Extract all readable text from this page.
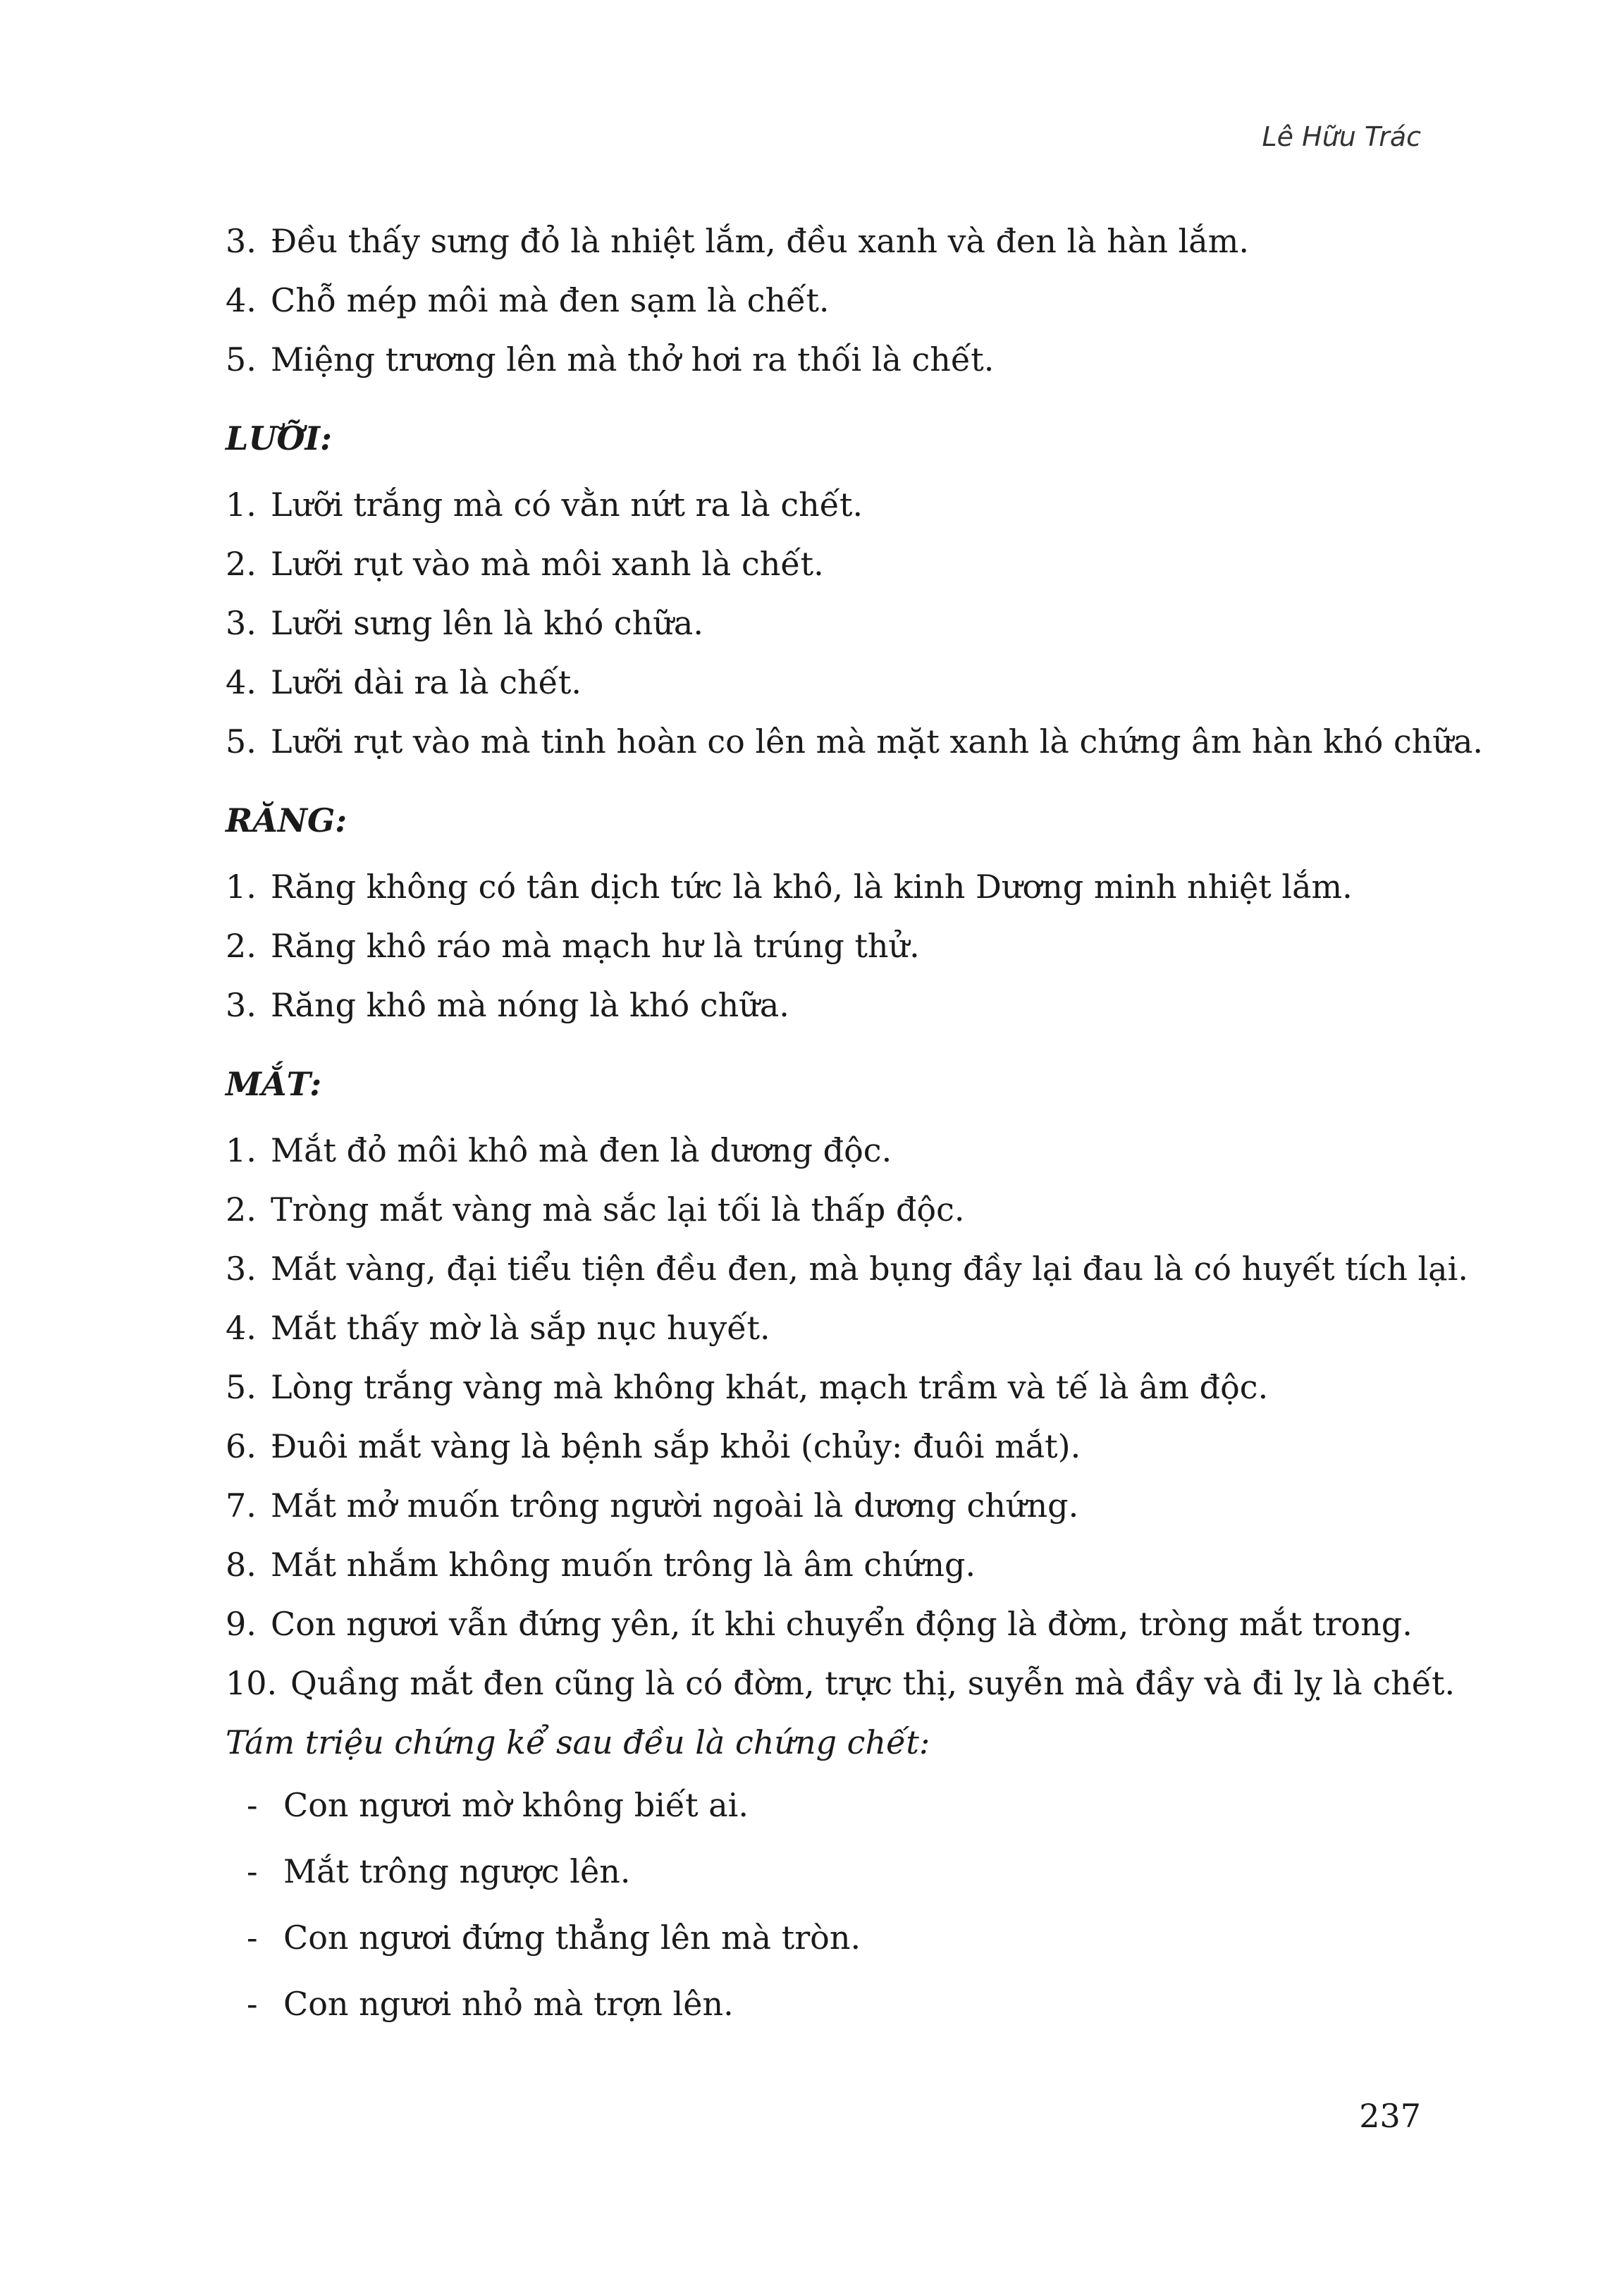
Lê Hữu Trác
3. Đều thấy sưng đỏ là nhiệt lắm, đều xanh và đen là hàn lắm.
4. Chỗ mép môi mà đen sạm là chết.
5. Miệng trương lên mà thở hơi ra thối là chết.
LƯỠI:
1. Lưỡi trắng mà có vằn nứt ra là chết.
2. Lưỡi rụt vào mà môi xanh là chết.
3. Lưỡi sưng lên là khó chữa.
4. Lưỡi dài ra là chết.
5. Lưỡi rụt vào mà tinh hoàn co lên mà mặt xanh là chứng âm hàn khó chữa.
RĂNG:
1. Răng không có tân dịch tức là khô, là kinh Dương minh nhiệt lắm.
2. Răng khô ráo mà mạch hư là trúng thử.
3. Răng khô mà nóng là khó chữa.
MẮT:
1. Mắt đỏ môi khô mà đen là dương độc.
2. Tròng mắt vàng mà sắc lại tối là thấp độc.
3. Mắt vàng, đại tiểu tiện đều đen, mà bụng đầy lại đau là có huyết tích lại.
4. Mắt thấy mờ là sắp nục huyết.
5. Lòng trắng vàng mà không khát, mạch trầm và tế là âm độc.
6. Đuôi mắt vàng là bệnh sắp khỏi (chủy: đuôi mắt).
7. Mắt mở muốn trông người ngoài là dương chứng.
8. Mắt nhắm không muốn trông là âm chứng.
9. Con ngươi vẫn đứng yên, ít khi chuyển động là đờm, tròng mắt trong.
10. Quầng mắt đen cũng là có đờm, trực thị, suyễn mà đầy và đi lỵ là chết.
Tám triệu chứng kể sau đều là chứng chết:
- Con ngươi mờ không biết ai.
- Mắt trông ngược lên.
- Con ngươi đứng thẳng lên mà tròn.
- Con ngươi nhỏ mà trợn lên.
237
